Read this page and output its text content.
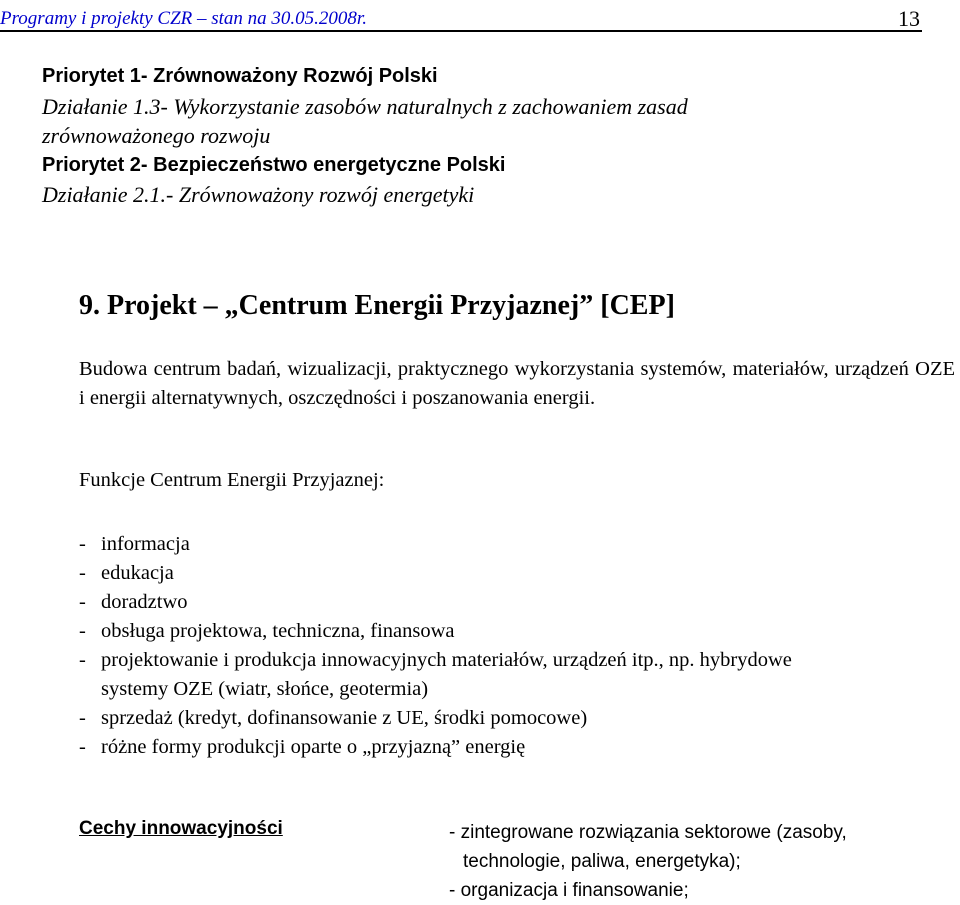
Programy i projekty CZR – stan na 30.05.2008r.	13
Priorytet 1- Zrównoważony Rozwój Polski
Działanie 1.3- Wykorzystanie zasobów naturalnych z zachowaniem zasad
zrównoważonego rozwoju
Priorytet 2- Bezpieczeństwo energetyczne Polski
Działanie 2.1.- Zrównoważony rozwój energetyki
9. Projekt – „Centrum Energii Przyjaznej” [CEP]
Budowa centrum badań, wizualizacji, praktycznego wykorzystania systemów, materiałów, urządzeń OZE i energii alternatywnych, oszczędności i poszanowania energii.
Funkcje Centrum Energii Przyjaznej:
- informacja
- edukacja
- doradztwo
- obsługa projektowa, techniczna, finansowa
- projektowanie i produkcja innowacyjnych materiałów, urządzeń itp., np. hybrydowe
systemy OZE (wiatr, słońce, geotermia)
- sprzedaż (kredyt, dofinansowanie z UE, środki pomocowe)
- różne formy produkcji oparte o „przyjazną” energię
Cechy innowacyjności	- zintegrowane rozwiązania sektorowe (zasoby,
technologie, paliwa, energetyka);
- organizacja i finansowanie;
